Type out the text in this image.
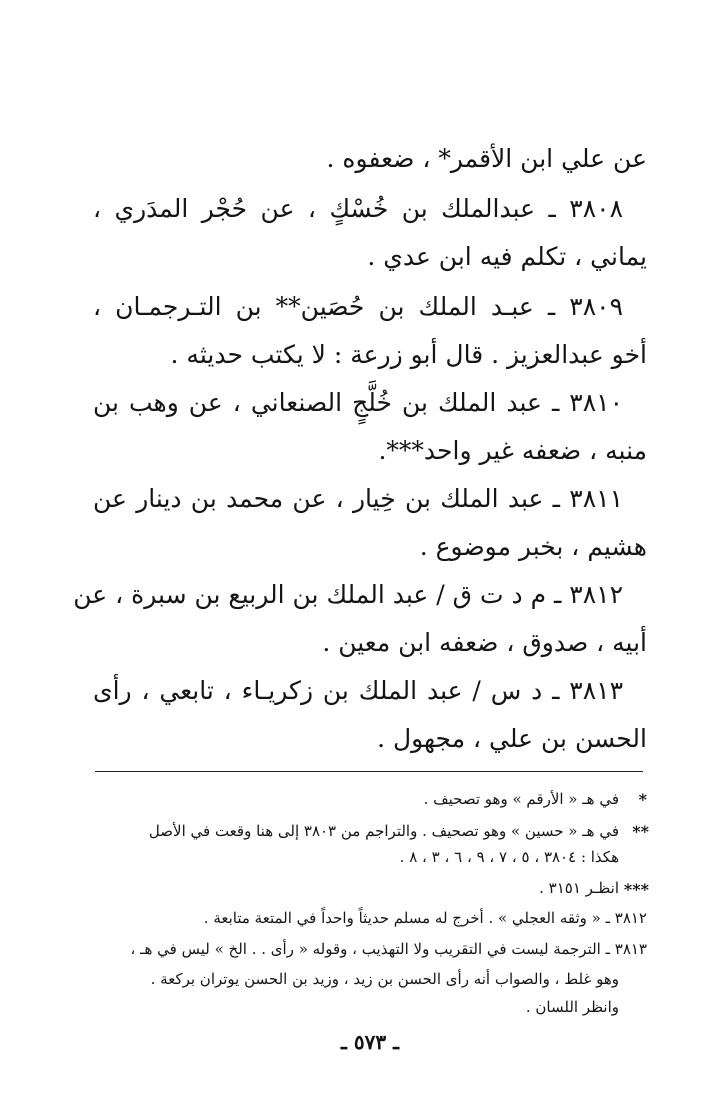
عن علي ابن الأقمر* ، ضعفوه .
٣٨٠٨ ـ عبدالملك بن خُسْكٍ ، عن حُجْر المدَري ،
يماني ، تكلم فيه ابن عدي .
٣٨٠٩ ـ عبـد الملك بن حُصَين** بن التـرجمـان ،
أخو عبدالعزيز . قال أبو زرعة : لا يكتب حديثه .
٣٨١٠ ـ عبد الملك بن خُلَّجٍ الصنعاني ، عن وهب بن
منبه ، ضعفه غير واحد***.
٣٨١١ ـ عبد الملك بن خِيار ، عن محمد بن دينار عن
هشيم ، بخبر موضوع .
٣٨١٢ ـ م د ت ق / عبد الملك بن الربيع بن سبرة ، عن
أبيه ، صدوق ، ضعفه ابن معين .
٣٨١٣ ـ د س / عبد الملك بن زكريـاء ، تابعي ، رأى
الحسن بن علي ، مجهول .
*
في هـ « الأرقم » وهو تصحيف .
**
في هـ « حسين » وهو تصحيف . والتراجم من ٣٨٠٣ إلى هنا وقعت في الأصل
هكذا : ٣٨٠٤ ، ٥ ، ٧ ، ٩ ، ٦ ، ٣ ، ٨ .
***
انظـر ٣١٥١ .
٣٨١٢ ـ « وثقه العجلي » . أخرج له مسلم حديثاً واحداً في المتعة متابعة .
٣٨١٣ ـ الترجمة ليست في التقريب ولا التهذيب ، وقوله « رأى . . الخ » ليس في هـ ،
وهو غلط ، والصواب أنه رأى الحسن بن زيد ، وزيد بن الحسن يوتران بركعة .
وانظر اللسان .
ـ ٥٧٣ ـ
